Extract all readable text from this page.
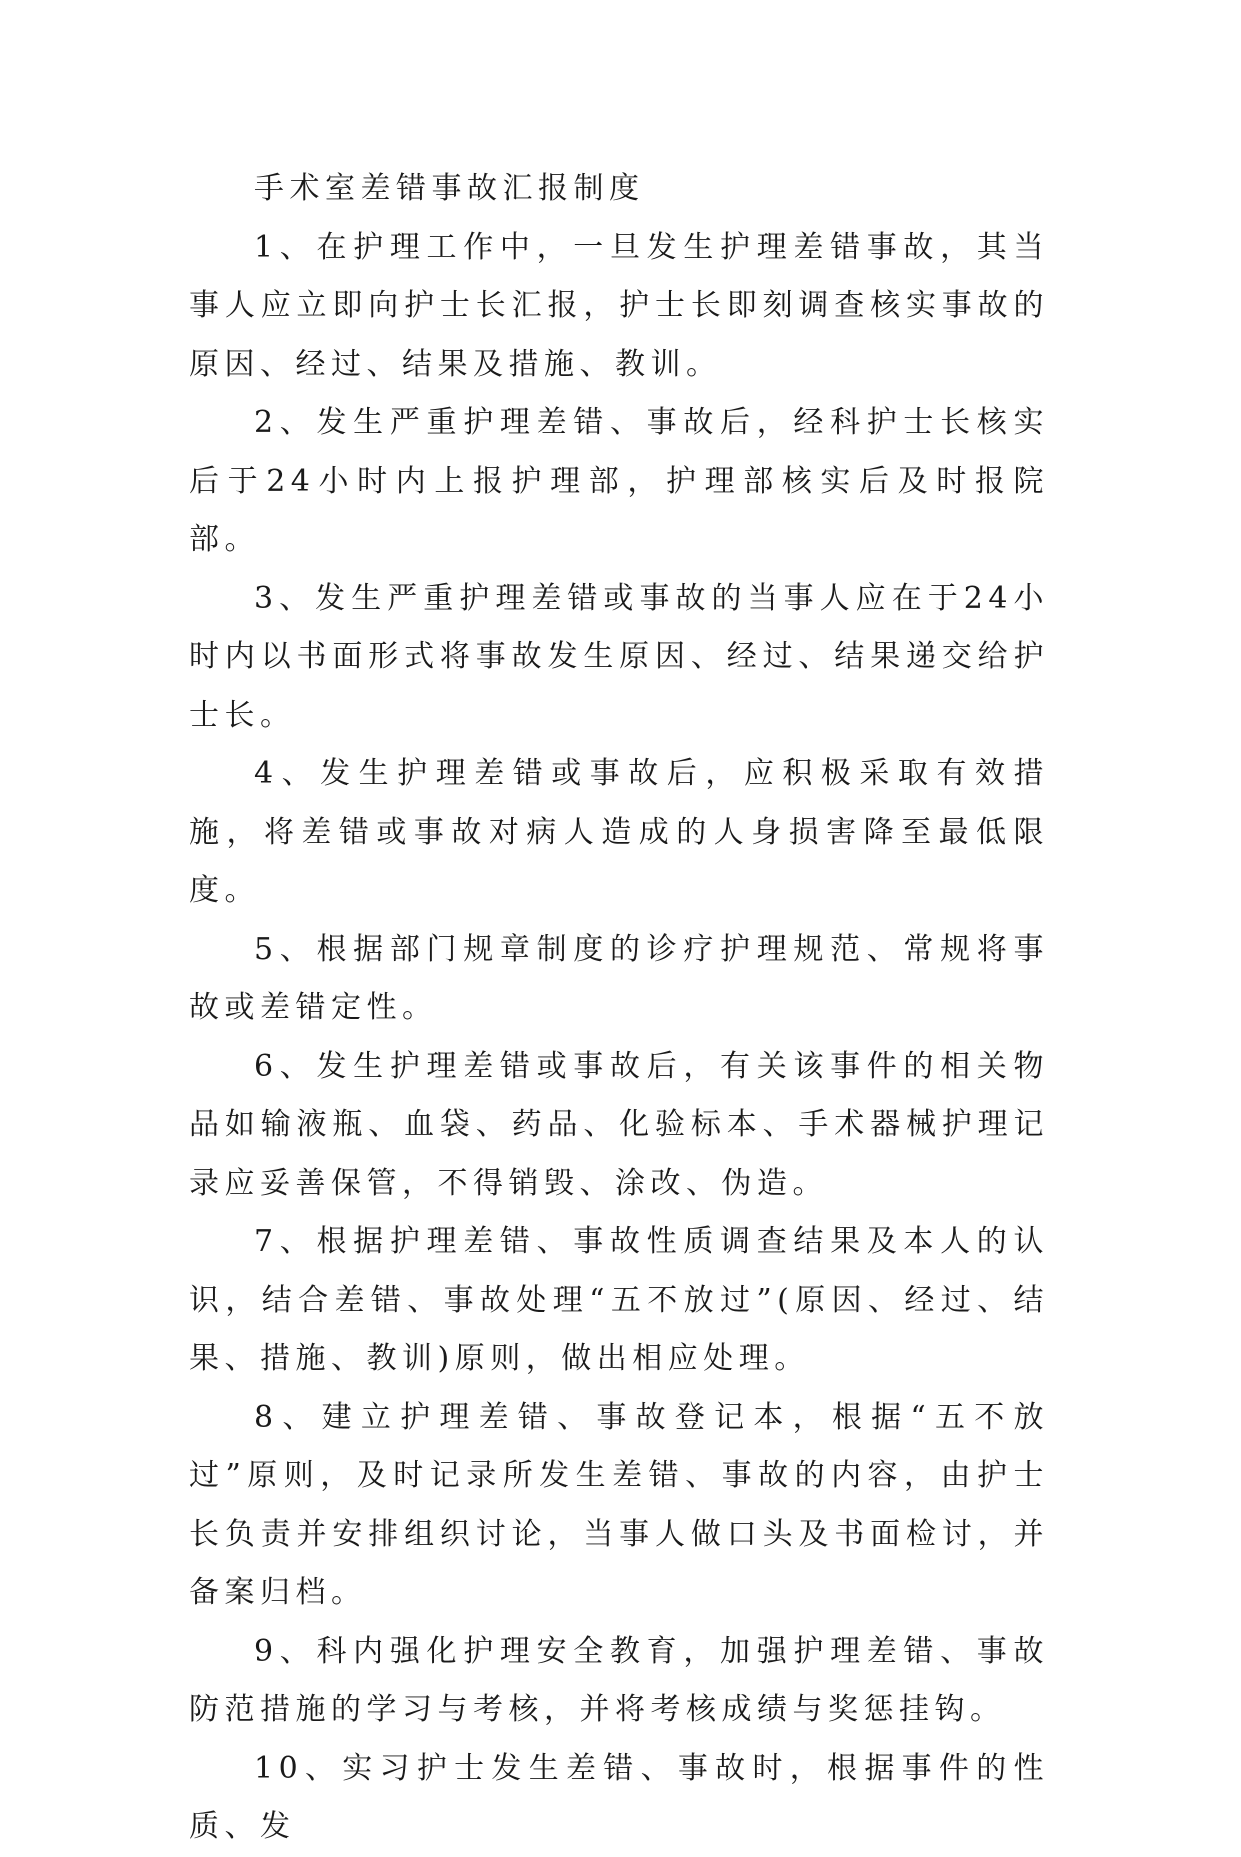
手术室差错事故汇报制度

1、在护理工作中，一旦发生护理差错事故，其当事人应立即向护士长汇报，护士长即刻调查核实事故的原因、经过、结果及措施、教训。

2、发生严重护理差错、事故后，经科护士长核实后于24小时内上报护理部，护理部核实后及时报院部。

3、发生严重护理差错或事故的当事人应在于24小时内以书面形式将事故发生原因、经过、结果递交给护士长。

4、发生护理差错或事故后，应积极采取有效措施，将差错或事故对病人造成的人身损害降至最低限度。

5、根据部门规章制度的诊疗护理规范、常规将事故或差错定性。

6、发生护理差错或事故后，有关该事件的相关物品如输液瓶、血袋、药品、化验标本、手术器械护理记录应妥善保管，不得销毁、涂改、伪造。

7、根据护理差错、事故性质调查结果及本人的认识，结合差错、事故处理“五不放过”(原因、经过、结果、措施、教训)原则，做出相应处理。

8、建立护理差错、事故登记本，根据“五不放过”原则，及时记录所发生差错、事故的内容，由护士长负责并安排组织讨论，当事人做口头及书面检讨，并备案归档。

9、科内强化护理安全教育，加强护理差错、事故防范措施的学习与考核，并将考核成绩与奖惩挂钩。

10、实习护士发生差错、事故时，根据事件的性质、发
